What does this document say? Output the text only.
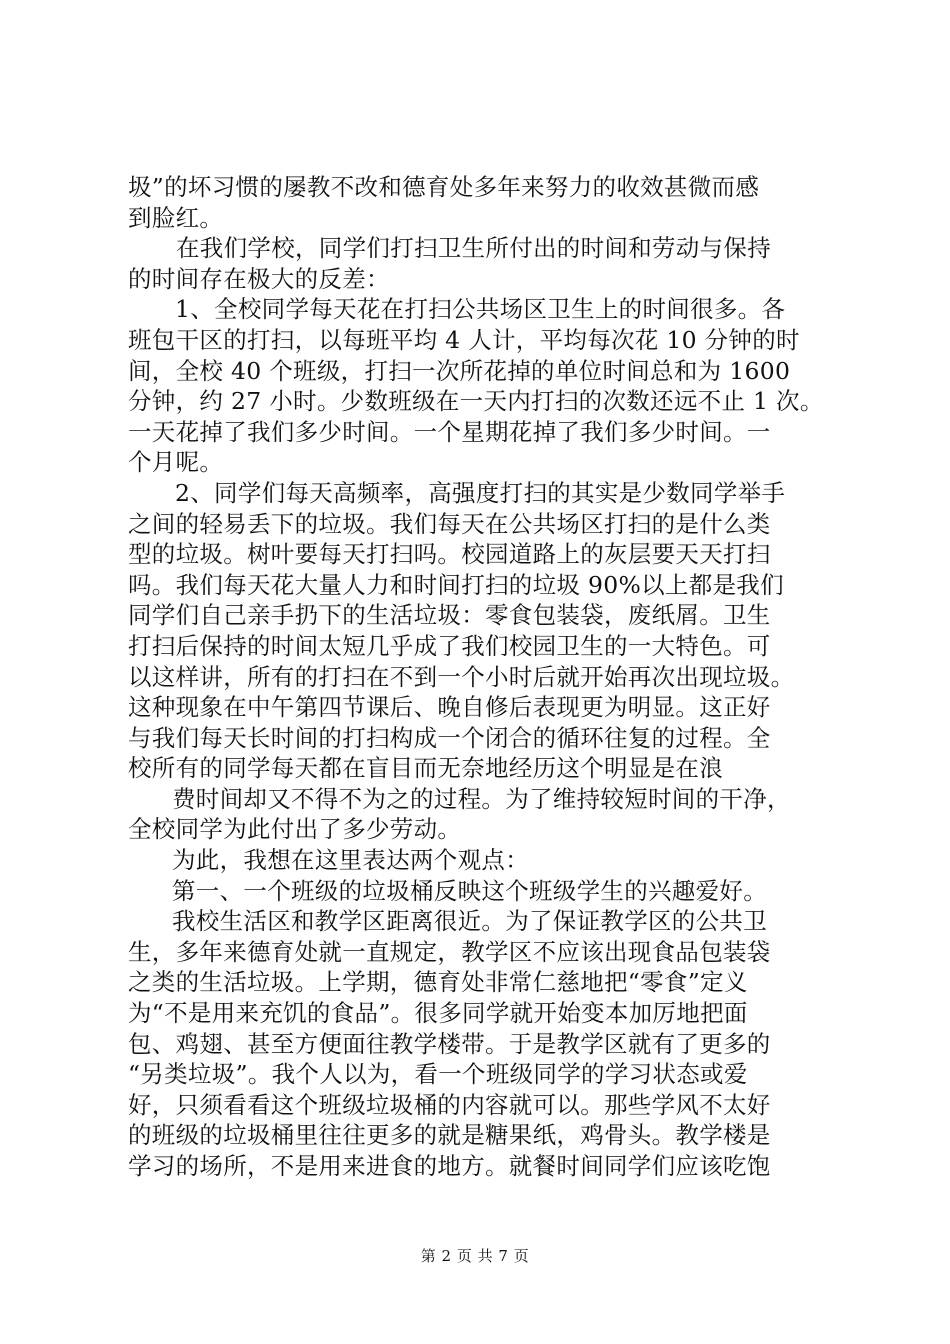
圾”的坏习惯的屡教不改和德育处多年来努力的收效甚微而感
到脸红。
在我们学校，同学们打扫卫生所付出的时间和劳动与保持
的时间存在极大的反差：
1、全校同学每天花在打扫公共场区卫生上的时间很多。各
班包干区的打扫，以每班平均 4 人计，平均每次花 10 分钟的时
间，全校 40 个班级，打扫一次所花掉的单位时间总和为 1600
分钟，约 27 小时。少数班级在一天内打扫的次数还远不止 1 次。
一天花掉了我们多少时间。一个星期花掉了我们多少时间。一
个月呢。
2、同学们每天高频率，高强度打扫的其实是少数同学举手
之间的轻易丢下的垃圾。我们每天在公共场区打扫的是什么类
型的垃圾。树叶要每天打扫吗。校园道路上的灰层要天天打扫
吗。我们每天花大量人力和时间打扫的垃圾 90%以上都是我们
同学们自己亲手扔下的生活垃圾：零食包装袋，废纸屑。卫生
打扫后保持的时间太短几乎成了我们校园卫生的一大特色。可
以这样讲，所有的打扫在不到一个小时后就开始再次出现垃圾。
这种现象在中午第四节课后、晚自修后表现更为明显。这正好
与我们每天长时间的打扫构成一个闭合的循环往复的过程。全
校所有的同学每天都在盲目而无奈地经历这个明显是在浪
费时间却又不得不为之的过程。为了维持较短时间的干净，
全校同学为此付出了多少劳动。
为此，我想在这里表达两个观点：
第一、一个班级的垃圾桶反映这个班级学生的兴趣爱好。
我校生活区和教学区距离很近。为了保证教学区的公共卫
生，多年来德育处就一直规定，教学区不应该出现食品包装袋
之类的生活垃圾。上学期，德育处非常仁慈地把“零食”定义
为“不是用来充饥的食品”。很多同学就开始变本加厉地把面
包、鸡翅、甚至方便面往教学楼带。于是教学区就有了更多的
“另类垃圾”。我个人以为，看一个班级同学的学习状态或爱
好，只须看看这个班级垃圾桶的内容就可以。那些学风不太好
的班级的垃圾桶里往往更多的就是糖果纸，鸡骨头。教学楼是
学习的场所，不是用来进食的地方。就餐时间同学们应该吃饱
第 2 页 共 7 页
